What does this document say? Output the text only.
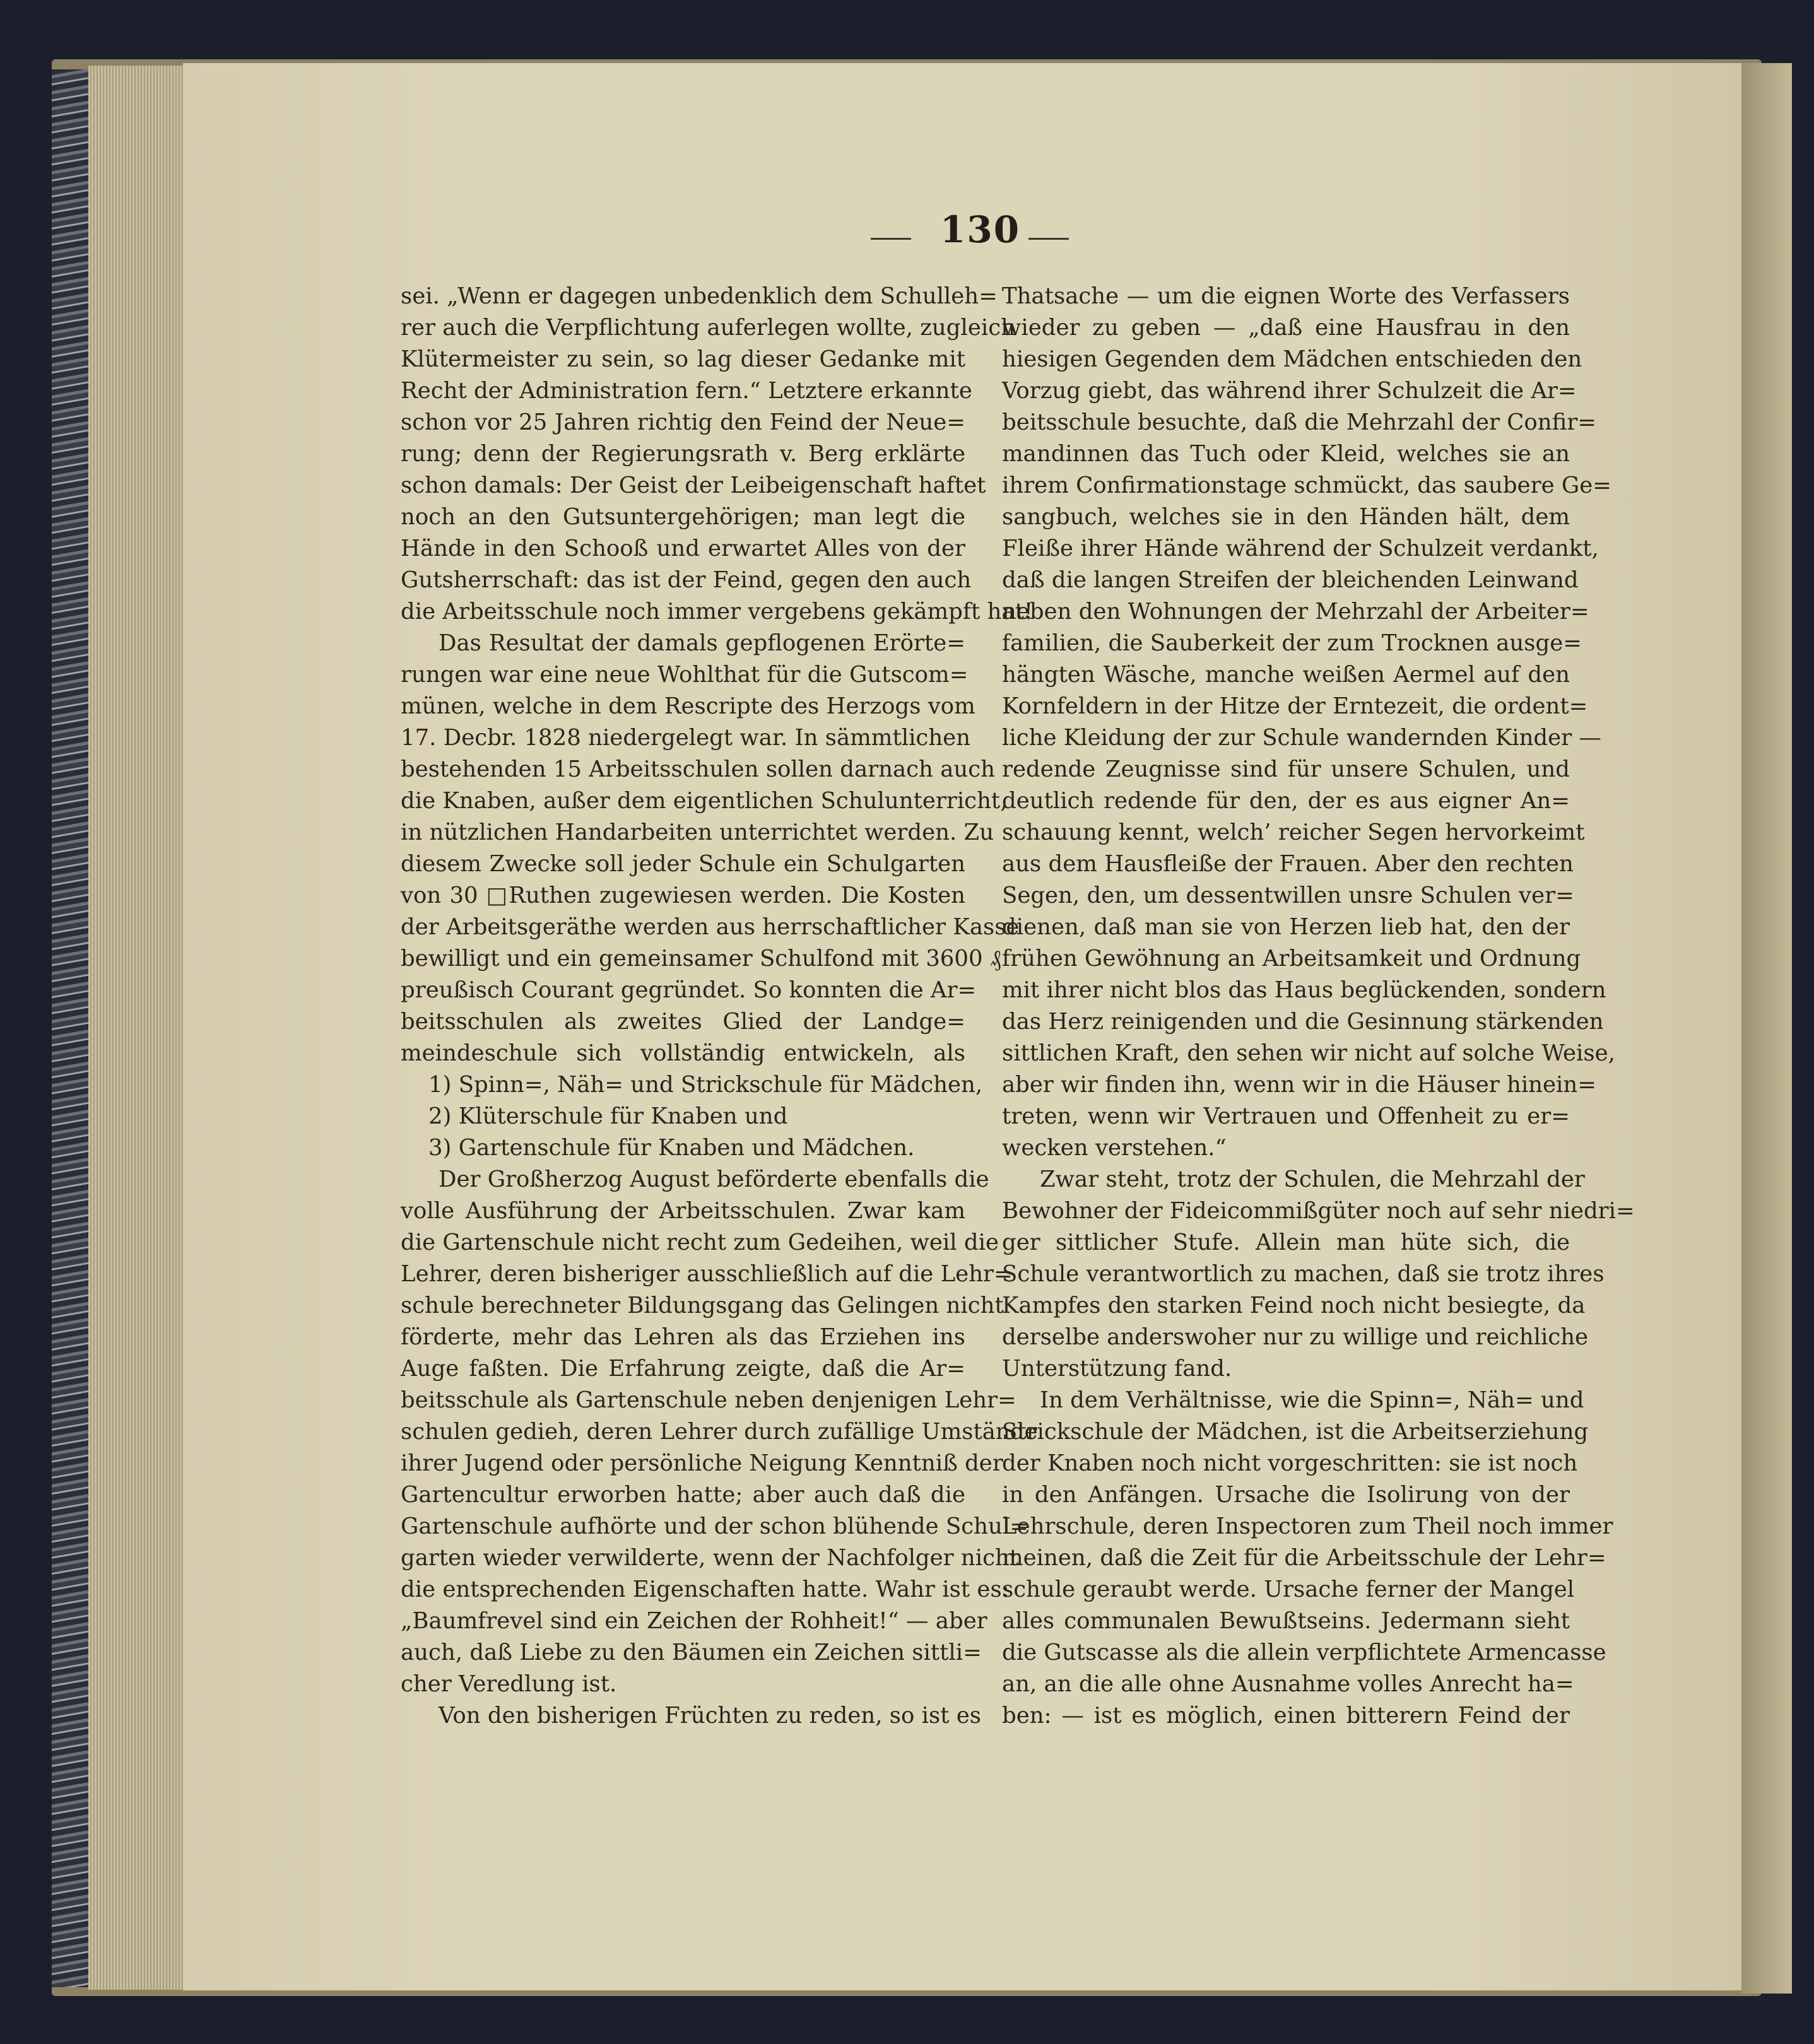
130
sei. „Wenn er dagegen unbedenklich dem Schulleh=
rer auch die Verpflichtung auferlegen wollte, zugleich
Klütermeister zu sein, so lag dieser Gedanke mit
Recht der Administration fern.“ Letztere erkannte
schon vor 25 Jahren richtig den Feind der Neue=
rung; denn der Regierungsrath v. Berg erklärte
schon damals: Der Geist der Leibeigenschaft haftet
noch an den Gutsuntergehörigen; man legt die
Hände in den Schooß und erwartet Alles von der
Gutsherrschaft: das ist der Feind, gegen den auch
die Arbeitsschule noch immer vergebens gekämpft hat!
Das Resultat der damals gepflogenen Erörte=
rungen war eine neue Wohlthat für die Gutscom=
münen, welche in dem Rescripte des Herzogs vom
17. Decbr. 1828 niedergelegt war. In sämmtlichen
bestehenden 15 Arbeitsschulen sollen darnach auch
die Knaben, außer dem eigentlichen Schulunterricht,
in nützlichen Handarbeiten unterrichtet werden. Zu
diesem Zwecke soll jeder Schule ein Schulgarten
von 30 □Ruthen zugewiesen werden. Die Kosten
der Arbeitsgeräthe werden aus herrschaftlicher Kasse
bewilligt und ein gemeinsamer Schulfond mit 3600 ₰
preußisch Courant gegründet. So konnten die Ar=
beitsschulen als zweites Glied der Landge=
meindeschule sich vollständig entwickeln, als
1) Spinn=, Näh= und Strickschule für Mädchen,
2) Klüterschule für Knaben und
3) Gartenschule für Knaben und Mädchen.
Der Großherzog August beförderte ebenfalls die
volle Ausführung der Arbeitsschulen. Zwar kam
die Gartenschule nicht recht zum Gedeihen, weil die
Lehrer, deren bisheriger ausschließlich auf die Lehr=
schule berechneter Bildungsgang das Gelingen nicht
förderte, mehr das Lehren als das Erziehen ins
Auge faßten. Die Erfahrung zeigte, daß die Ar=
beitsschule als Gartenschule neben denjenigen Lehr=
schulen gedieh, deren Lehrer durch zufällige Umstände
ihrer Jugend oder persönliche Neigung Kenntniß der
Gartencultur erworben hatte; aber auch daß die
Gartenschule aufhörte und der schon blühende Schul=
garten wieder verwilderte, wenn der Nachfolger nicht
die entsprechenden Eigenschaften hatte. Wahr ist es:
„Baumfrevel sind ein Zeichen der Rohheit!“ — aber
auch, daß Liebe zu den Bäumen ein Zeichen sittli=
cher Veredlung ist.
Von den bisherigen Früchten zu reden, so ist es
Thatsache — um die eignen Worte des Verfassers
wieder zu geben — „daß eine Hausfrau in den
hiesigen Gegenden dem Mädchen entschieden den
Vorzug giebt, das während ihrer Schulzeit die Ar=
beitsschule besuchte, daß die Mehrzahl der Confir=
mandinnen das Tuch oder Kleid, welches sie an
ihrem Confirmationstage schmückt, das saubere Ge=
sangbuch, welches sie in den Händen hält, dem
Fleiße ihrer Hände während der Schulzeit verdankt,
daß die langen Streifen der bleichenden Leinwand
neben den Wohnungen der Mehrzahl der Arbeiter=
familien, die Sauberkeit der zum Trocknen ausge=
hängten Wäsche, manche weißen Aermel auf den
Kornfeldern in der Hitze der Erntezeit, die ordent=
liche Kleidung der zur Schule wandernden Kinder —
redende Zeugnisse sind für unsere Schulen, und
deutlich redende für den, der es aus eigner An=
schauung kennt, welch’ reicher Segen hervorkeimt
aus dem Hausfleiße der Frauen. Aber den rechten
Segen, den, um dessentwillen unsre Schulen ver=
dienen, daß man sie von Herzen lieb hat, den der
frühen Gewöhnung an Arbeitsamkeit und Ordnung
mit ihrer nicht blos das Haus beglückenden, sondern
das Herz reinigenden und die Gesinnung stärkenden
sittlichen Kraft, den sehen wir nicht auf solche Weise,
aber wir finden ihn, wenn wir in die Häuser hinein=
treten, wenn wir Vertrauen und Offenheit zu er=
wecken verstehen.“
Zwar steht, trotz der Schulen, die Mehrzahl der
Bewohner der Fideicommißgüter noch auf sehr niedri=
ger sittlicher Stufe. Allein man hüte sich, die
Schule verantwortlich zu machen, daß sie trotz ihres
Kampfes den starken Feind noch nicht besiegte, da
derselbe anderswoher nur zu willige und reichliche
Unterstützung fand.
In dem Verhältnisse, wie die Spinn=, Näh= und
Strickschule der Mädchen, ist die Arbeitserziehung
der Knaben noch nicht vorgeschritten: sie ist noch
in den Anfängen. Ursache die Isolirung von der
Lehrschule, deren Inspectoren zum Theil noch immer
meinen, daß die Zeit für die Arbeitsschule der Lehr=
schule geraubt werde. Ursache ferner der Mangel
alles communalen Bewußtseins. Jedermann sieht
die Gutscasse als die allein verpflichtete Armencasse
an, an die alle ohne Ausnahme volles Anrecht ha=
ben: — ist es möglich, einen bitterern Feind der
